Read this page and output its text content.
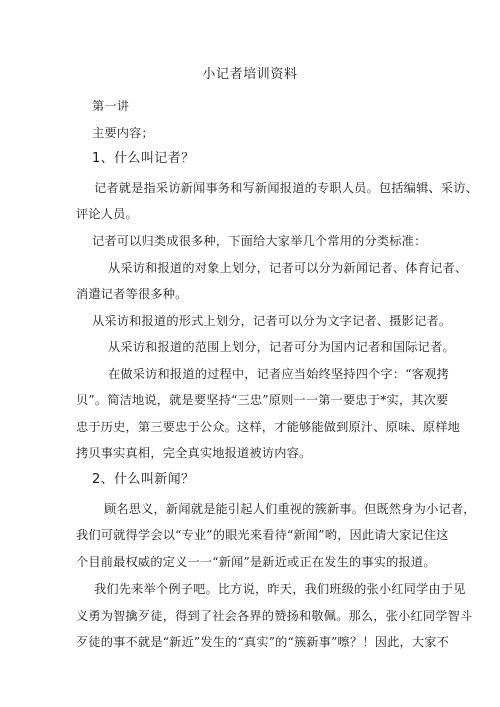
小记者培训资料
第一讲
主要内容；
1、什么叫记者？
记者就是指采访新闻事务和写新闻报道的专职人员。包括编辑、采访、
评论人员。
记者可以归类成很多种，下面给大家举几个常用的分类标准：
从采访和报道的对象上划分，记者可以分为新闻记者、体育记者、
消遣记者等很多种。
从采访和报道的形式上划分，记者可以分为文字记者、摄影记者。
从采访和报道的范围上划分，记者可分为国内记者和国际记者。
在做采访和报道的过程中，记者应当始终坚持四个字：“客观拷
贝”。简洁地说，就是要坚持“三忠”原则一一第一要忠于*实，其次要
忠于历史，第三要忠于公众。这样，才能够能做到原汁、原味、原样地
拷贝事实真相，完全真实地报道被访内容。
2、什么叫新闻？
顾名思义，新闻就是能引起人们重视的簇新事。但既然身为小记者，
我们可就得学会以“专业”的眼光来看待“新闻”哟，因此请大家记住这
个目前最权威的定义一一“新闻”是新近或正在发生的事实的报道。
我们先来举个例子吧。比方说，昨天，我们班级的张小红同学由于见
义勇为智擒歹徒，得到了社会各界的赞扬和敬佩。那么，张小红同学智斗
歹徒的事不就是“新近”发生的“真实”的“簇新事”嚓？！因此，大家不
